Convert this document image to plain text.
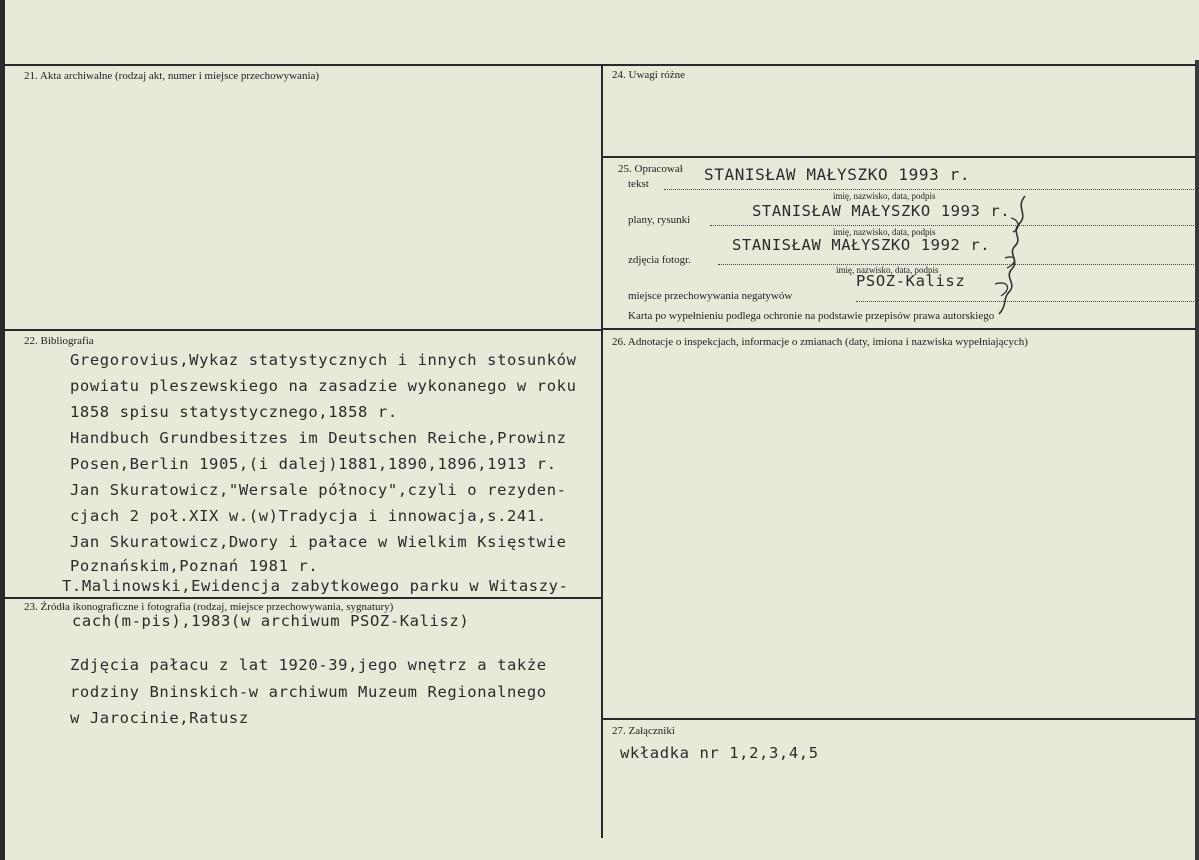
21. Akta archiwalne (rodzaj akt, numer i miejsce przechowywania)
22. Bibliografia
Gregorovius,Wykaz statystycznych i innych stosunków
powiatu pleszewskiego na zasadzie wykonanego w roku
1858 spisu statystycznego,1858 r.
Handbuch Grundbesitzes im Deutschen Reiche,Prowinz
Posen,Berlin 1905,(i dalej)1881,1890,1896,1913 r.
Jan Skuratowicz,"Wersale północy",czyli o rezyden-
cjach 2 poł.XIX w.(w)Tradycja i innowacja,s.241.
Jan Skuratowicz,Dwory i pałace w Wielkim Księstwie
Poznańskim,Poznań 1981 r.
T.Malinowski,Ewidencja zabytkowego parku w Witaszy-
23. Źródła ikonograficzne i fotografia (rodzaj, miejsce przechowywania, sygnatury)
cach(m-pis),1983(w archiwum PSOZ-Kalisz)
Zdjęcia pałacu z lat 1920-39,jego wnętrz a także
rodziny Bninskich-w archiwum Muzeum Regionalnego
w Jarocinie,Ratusz
24. Uwagi różne
25. Opracował STANISŁAW MAŁYSZKO 1993 r.
tekst
imię, nazwisko, data, podpis
STANISŁAW MAŁYSZKO 1993 r.
plany, rysunki
imię, nazwisko, data, podpis
STANISŁAW MAŁYSZKO 1992 r.
zdjęcia fotogr.
imię, nazwisko, data, podpis
PSOZ-Kalisz
miejsce przechowywania negatywów
Karta po wypełnieniu podlega ochronie na podstawie przepisów prawa autorskiego
26. Adnotacje o inspekcjach, informacje o zmianach (daty, imiona i nazwiska wypełniających)
27. Załączniki
wkładka nr 1,2,3,4,5
